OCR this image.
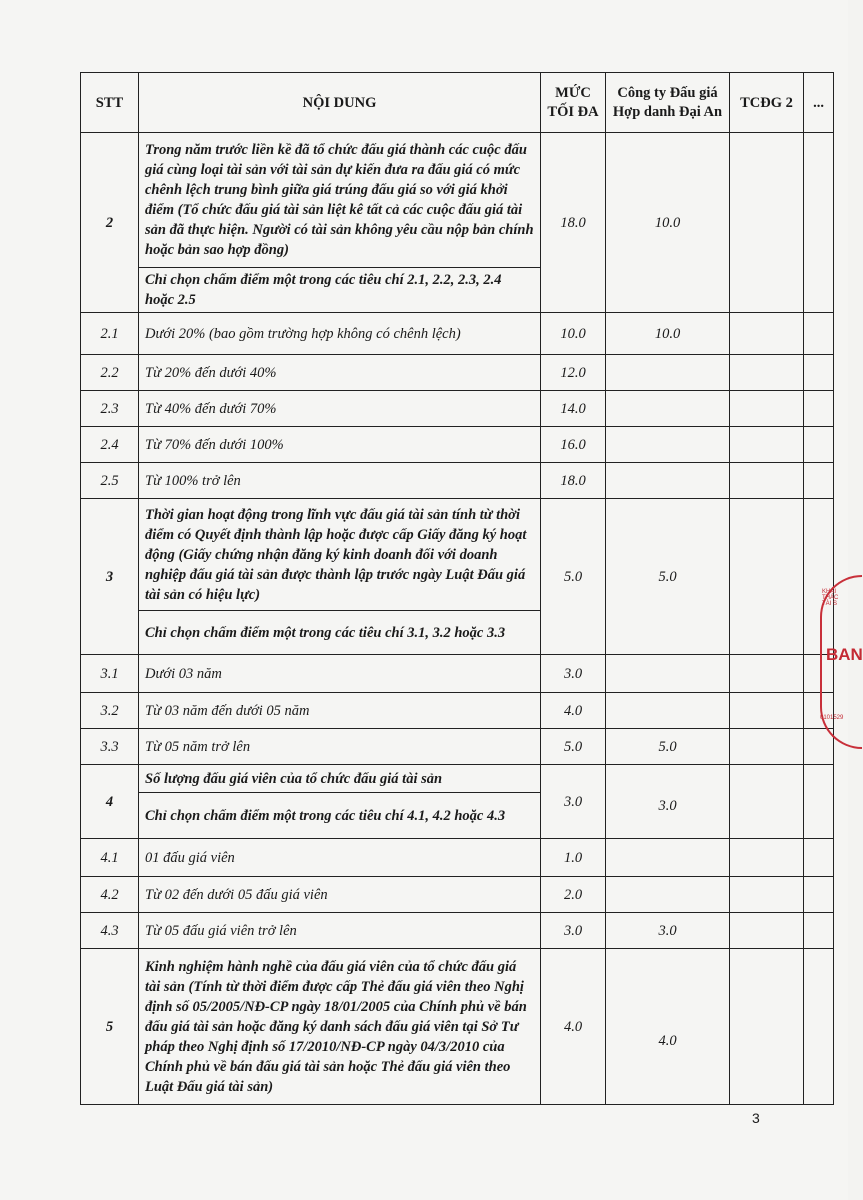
STT	NỘI DUNG	MỨC TỐI ĐA	Công ty Đấu giá Hợp danh Đại An	TCĐG 2	...
2	Trong năm trước liền kề đã tổ chức đấu giá thành các cuộc đấu giá cùng loại tài sản với tài sản dự kiến đưa ra đấu giá có mức chênh lệch trung bình giữa giá trúng đấu giá so với giá khởi điểm (Tổ chức đấu giá tài sản liệt kê tất cả các cuộc đấu giá tài sản đã thực hiện. Người có tài sản không yêu cầu nộp bản chính hoặc bản sao hợp đồng)	18.0	10.0		
	Chỉ chọn chấm điểm một trong các tiêu chí 2.1, 2.2, 2.3, 2.4 hoặc 2.5				
2.1	Dưới 20% (bao gồm trường hợp không có chênh lệch)	10.0	10.0		
2.2	Từ 20% đến dưới 40%	12.0			
2.3	Từ 40% đến dưới 70%	14.0			
2.4	Từ 70% đến dưới 100%	16.0			
2.5	Từ 100% trở lên	18.0			
3	Thời gian hoạt động trong lĩnh vực đấu giá tài sản tính từ thời điểm có Quyết định thành lập hoặc được cấp Giấy đăng ký hoạt động (Giấy chứng nhận đăng ký kinh doanh đối với doanh nghiệp đấu giá tài sản được thành lập trước ngày Luật Đấu giá tài sản có hiệu lực)	5.0	5.0		
	Chỉ chọn chấm điểm một trong các tiêu chí 3.1, 3.2 hoặc 3.3				
3.1	Dưới 03 năm	3.0			
3.2	Từ 03 năm đến dưới 05 năm	4.0			
3.3	Từ 05 năm trở lên	5.0	5.0		
4	Số lượng đấu giá viên của tổ chức đấu giá tài sản	3.0	3.0		
	Chỉ chọn chấm điểm một trong các tiêu chí 4.1, 4.2 hoặc 4.3				
4.1	01 đấu giá viên	1.0			
4.2	Từ 02 đến dưới 05 đấu giá viên	2.0			
4.3	Từ 05 đấu giá viên trở lên	3.0	3.0		
5	Kinh nghiệm hành nghề của đấu giá viên của tổ chức đấu giá tài sản (Tính từ thời điểm được cấp Thẻ đấu giá viên theo Nghị định số 05/2005/NĐ-CP ngày 18/01/2005 của Chính phủ về bán đấu giá tài sản hoặc đăng ký danh sách đấu giá viên tại Sở Tư pháp theo Nghị định số 17/2010/NĐ-CP ngày 04/3/2010 của Chính phủ về bán đấu giá tài sản hoặc Thẻ đấu giá viên theo Luật Đấu giá tài sản)	4.0	4.0		
3
KHAI THÁC TÀI S
BAN
0101529
